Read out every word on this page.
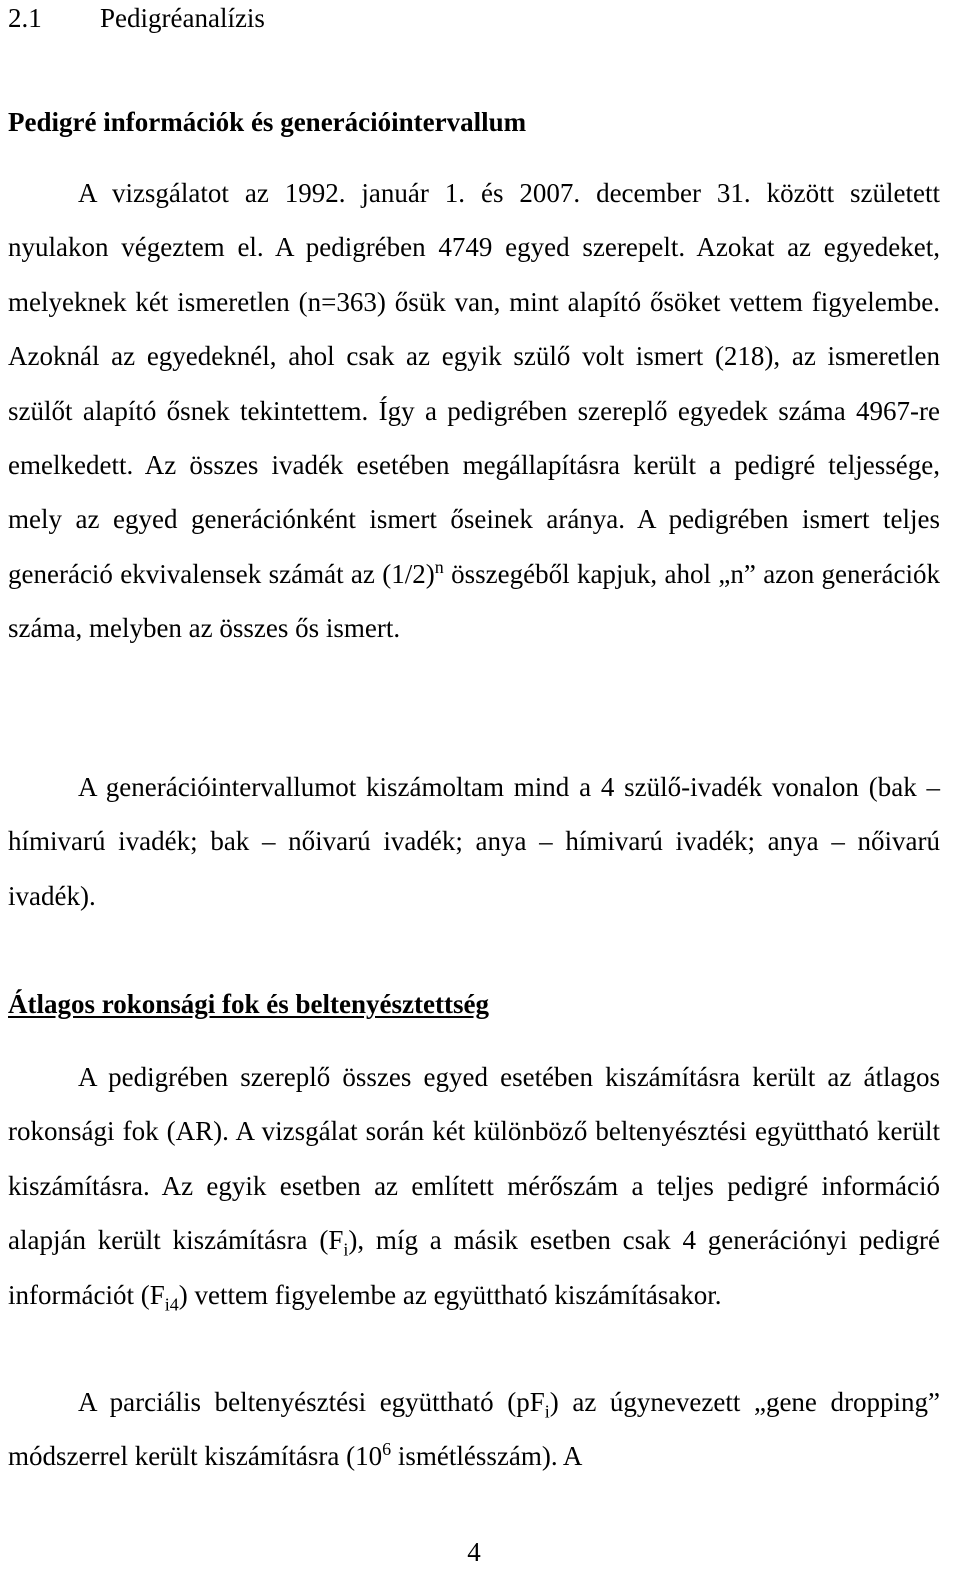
2.1 Pedigréanalízis
Pedigré információk és generációintervallum

A vizsgálatot az 1992. január 1. és 2007. december 31. között született nyulakon végeztem el. A pedigrében 4749 egyed szerepelt. Azokat az egyedeket, melyeknek két ismeretlen (n=363) ősük van, mint alapító ősöket vettem figyelembe. Azoknál az egyedeknél, ahol csak az egyik szülő volt ismert (218), az ismeretlen szülőt alapító ősnek tekintettem. Így a pedigrében szereplő egyedek száma 4967-re emelkedett. Az összes ivadék esetében megállapításra került a pedigré teljessége, mely az egyed generációnként ismert őseinek aránya. A pedigrében ismert teljes generáció ekvivalensek számát az $(1/2)^n$ összegéből kapjuk, ahol „n” azon generációk száma, melyben az összes ős ismert.

A generációintervallumot kiszámoltam mind a 4 szülő-ivadék vonalon (bak – hímivarú ivadék; bak – nőivarú ivadék; anya – hímivarú ivadék; anya – nőivarú ivadék).

Átlagos rokonsági fok és beltenyésztettség

A pedigrében szereplő összes egyed esetében kiszámításra került az átlagos rokonsági fok (AR). A vizsgálat során két különböző beltenyésztési együttható került kiszámításra. Az egyik esetben az említett mérőszám a teljes pedigré információ alapján került kiszámításra $(F_i)$, míg a másik esetben csak 4 generációnyi pedigré információt $(F_{i4})$ vettem figyelembe az együttható kiszámításakor.

A parciális beltenyésztési együttható $(pF_i)$ az úgynevezett „gene dropping” módszerrel került kiszámításra ($10^6$ ismétlésszám). A

4
